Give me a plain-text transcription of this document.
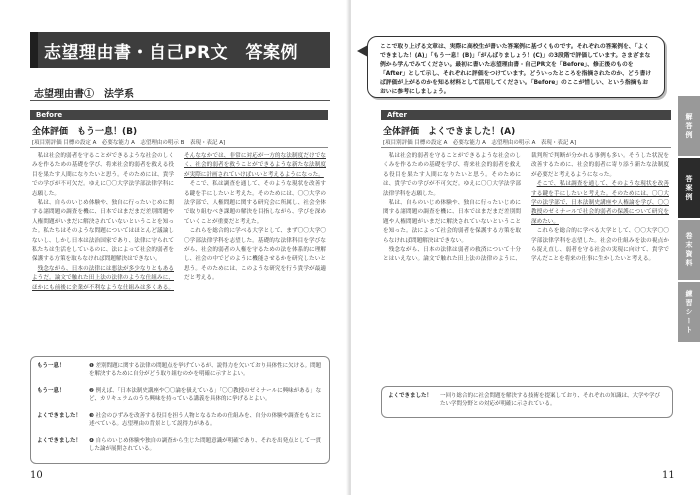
志望理由書・自己PR文　答案例
志望理由書①　法学系
Before
全体評価　もう一息！(B)
[項目別評価 目標の設定 A　必要な能力 A　志望理由の明示 B　表現・表記 A]

私は社会的弱者を守ることができるような社会のしくみを作るための基礎を学び、将来社会的弱者を救える役目を果たす人間になりたいと思う。そのためには、貴学での学びが不可欠だ。ゆえに〇〇大学法学部法律学科に志願した。

私は、自らのいじめ体験や、独自に行ったいじめに関する諸問題の調査を機に、日本ではまだまだ差別問題や人権問題がいまだに解決されていないということを知った。私たちはそのような問題についてはほとんど議論しないし、しかし日本は法治国家であり、法律に守られて私たちは生活をしているのに、法によって社会的弱者を保護する方策を取らなければ問題解決はできない。

残念ながら、日本の法律には悪法が多少なりともあるようだ。論文で触れた田上法の法律のような仕組みに、ほかにも前後に企業が不利なような仕組みは多くある。そんななかでは、非常に対応が一方的な法制度だけでなく、社会的弱者を救うことができるような新たな法制度が実際に計画されていけばいいと考えるようになった。

そこで、私は調査を通して、そのような現状を改善する鍵を手にしたいと考えた。そのためには、〇〇大学の法学部で、人権問題に関する研究会に所属し、社会全体で取り組むべき課題の解決を目指しながら、学びを深めていくことが重要だと考えた。

これらを総合的に学べる大学として、まず〇〇大学〇〇学部法律学科を志望した。基礎的な法律科目を学びながら、社会的弱者の人権を守るための法を体系的に理解し、社会の中でどのように機能させるかを研究したいと思う。そのためには、このような研究を行う貴学が最適だと考える。

もう一息！	❶ 差別問題に関する法律の問題点を挙げているが、説得力を欠いており具体性に欠ける。問題を解決するために自分がどう取り組むのかを明確に示すとよい。
もう一息！	❷ 例えば、「日本法制史講座や〇〇論を扱えている」「〇〇教授のゼミナールに興味がある」など、カリキュラムのうち興味を持っている講義を具体的に挙げるとよい。
よくできました！	❸ 社会のひずみを改善する役目を担う人物となるための仕組みを、自分の体験や調査をもとに述べている。志望理由の背景として説得力がある。
よくできました！	❹ 自らのいじめ体験や独自の調査から生じた問題意識が明確であり、それを出発点として一貫した論が展開されている。
10

ここで取り上げる文章は、実際に高校生が書いた答案例に基づくものです。それぞれの答案例を、「よくできました！(A)」「もう一息！(B)」「がんばりましょう！(C)」の3段階で評価しています。さまざまな例から学んでみてください。最初に書いた志望理由書・自己PR文を「Before」、修正後のものを「After」として示し、それぞれに評価をつけています。どういったところを指摘されたのか、どう書けば評価が上がるのかを知る材料として活用してください。「Before」のここが惜しい、という指摘もおおいに参考にしましょう。

After
全体評価　よくできました！(A)
[項目別評価 目標の設定 A　必要な能力 A　志望理由の明示 A　表現・表記 A]

私は社会的弱者を守ることができるような社会のしくみを作るための基礎を学び、将来社会的弱者を救える役目を果たす人間になりたいと思う。そのためには、貴学での学びが不可欠だ。ゆえに〇〇大学法学部法律学科を志願した。

私は、自らのいじめ体験や、独自に行ったいじめに関する諸問題の調査を機に、日本ではまだまだ差別問題や人権問題がいまだに解決されていないということを知った。法によって社会的弱者を保護する方策を取らなければ問題解決はできない。

残念ながら、日本の法律は弱者の救済について十分とはいえない。論文で触れた田上法の法律のように、裁判所で判断が分かれる事例も多い。そうした状況を改善するために、社会的弱者に寄り添う新たな法制度が必要だと考えるようになった。

そこで、私は調査を通して、そのような現状を改善する鍵を手にしたいと考えた。そのためには、〇〇大学の法学部で、日本法制史講座や人権論を学び、〇〇教授のゼミナールで社会的弱者の保護について研究を深めたい。

これらを総合的に学べる大学として、〇〇大学〇〇学部法律学科を志望した。社会の仕組みを法の視点から捉え直し、弱者を守る社会の実現に向けて、貴学で学んだことを将来の仕事に生かしたいと考える。

よくできました！	一回り総合的に社会問題を解決する技術を提案しており、それぞれの知識は、大学や学びたい学問分野との対応が明確に示されている。
11
解答例
答案例
巻末資料
練習シート
